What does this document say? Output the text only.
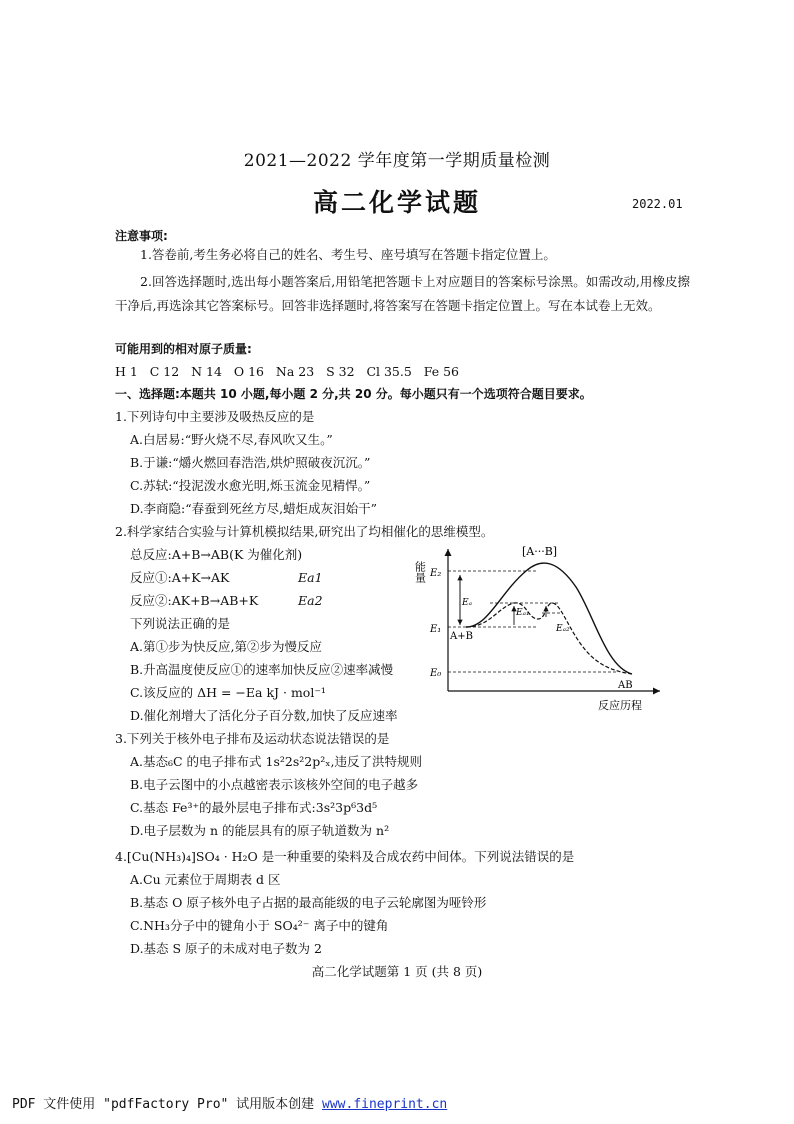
2021—2022 学年度第一学期质量检测
高二化学试题	2022.01
注意事项:
1.答卷前,考生务必将自己的姓名、考生号、座号填写在答题卡指定位置上。
2.回答选择题时,选出每小题答案后,用铅笔把答题卡上对应题目的答案标号涂黑。如需改动,用橡皮擦干净后,再选涂其它答案标号。回答非选择题时,将答案写在答题卡指定位置上。写在本试卷上无效。
可能用到的相对原子质量:
H 1   C 12   N 14   O 16   Na 23   S 32   Cl 35.5   Fe 56
一、选择题:本题共 10 小题,每小题 2 分,共 20 分。每小题只有一个选项符合题目要求。
1.下列诗句中主要涉及吸热反应的是
A.白居易:“野火烧不尽,春风吹又生。”
B.于谦:“爝火燃回春浩浩,烘炉照破夜沉沉。”
C.苏轼:“投泥泼水愈光明,烁玉流金见精悍。”
D.李商隐:“春蚕到死丝方尽,蜡炬成灰泪始干”
2.科学家结合实验与计算机模拟结果,研究出了均相催化的思维模型。
总反应:A+B→AB(K 为催化剂)
反应①:A+K→AK	Ea1
反应②:AK+B→AB+K	Ea2
下列说法正确的是
A.第①步为快反应,第②步为慢反应
B.升高温度使反应①的速率加快反应②速率减慢
C.该反应的 ΔH = −Ea kJ · mol⁻¹
D.催化剂增大了活化分子百分数,加快了反应速率
能量
反应历程
E₂
E₁
E₀
Eₐ
Eₐ₁
Eₐ₂
[A···B]
A+B
AB
3.下列关于核外电子排布及运动状态说法错误的是
A.基态₆C 的电子排布式 1s²2s²2p²ₓ,违反了洪特规则
B.电子云图中的小点越密表示该核外空间的电子越多
C.基态 Fe³⁺的最外层电子排布式:3s²3p⁶3d⁵
D.电子层数为 n 的能层具有的原子轨道数为 n²
4.[Cu(NH₃)₄]SO₄ · H₂O 是一种重要的染料及合成农药中间体。下列说法错误的是
A.Cu 元素位于周期表 d 区
B.基态 O 原子核外电子占据的最高能级的电子云轮廓图为哑铃形
C.NH₃分子中的键角小于 SO₄²⁻ 离子中的键角
D.基态 S 原子的未成对电子数为 2
高二化学试题第 1 页 (共 8 页)
PDF 文件使用 "pdfFactory Pro" 试用版本创建 www.fineprint.cn
